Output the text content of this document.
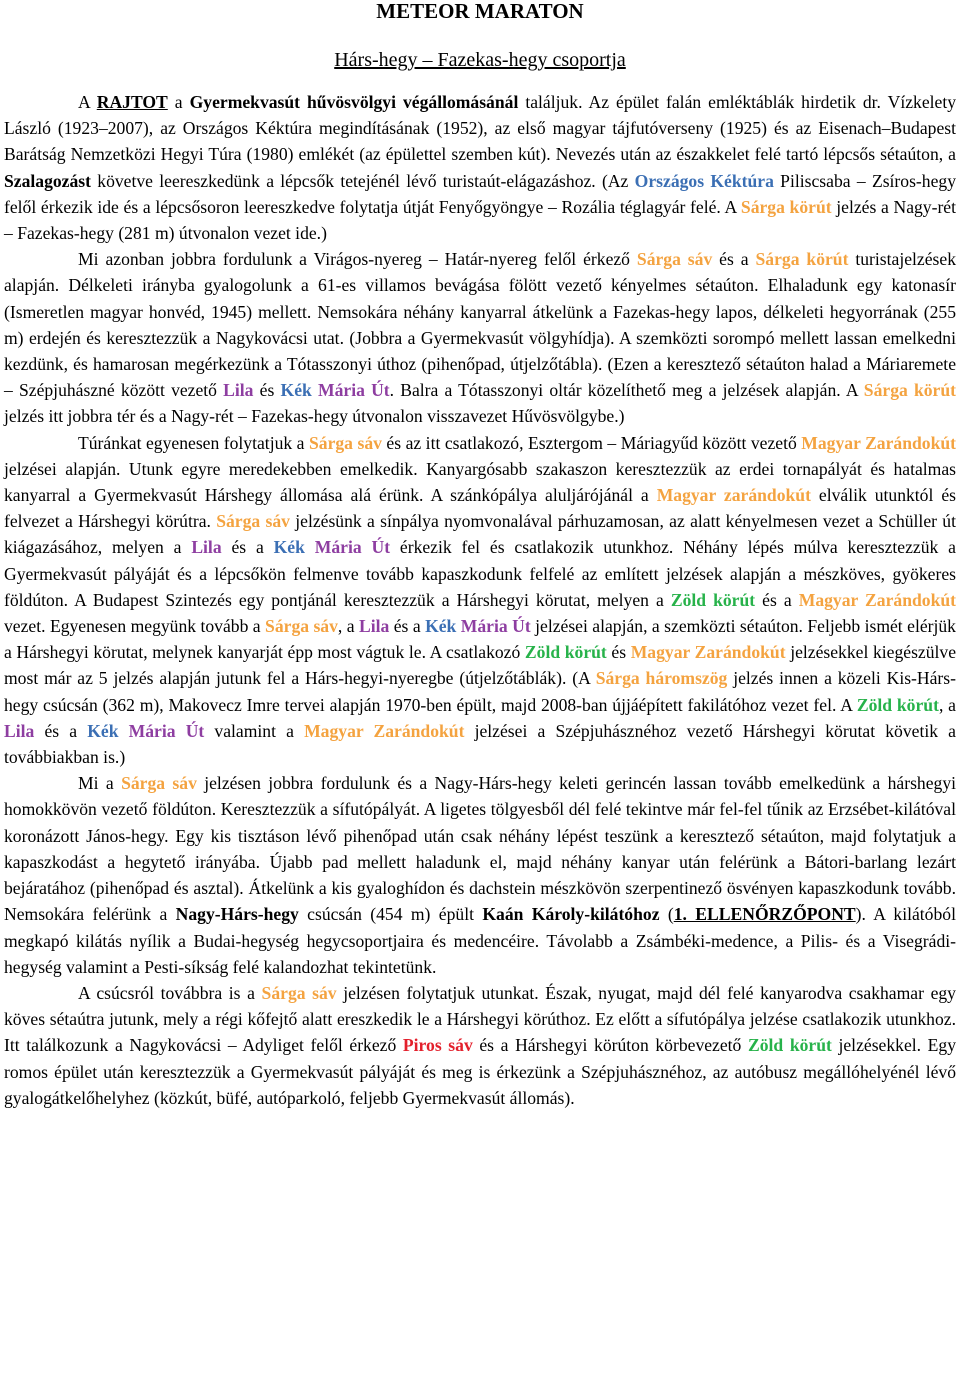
METEOR MARATON
Hárs-hegy – Fazekas-hegy csoportja

A RAJTOT a Gyermekvasút hűvösvölgyi végállomásánál találjuk. Az épület falán emléktáblák hirdetik dr. Vízkelety László (1923–2007), az Országos Kéktúra megindításának (1952), az első magyar tájfutóverseny (1925) és az Eisenach–Budapest Barátság Nemzetközi Hegyi Túra (1980) emlékét (az épülettel szemben kút). Nevezés után az északkelet felé tartó lépcsős sétaúton, a Szalagozást követve leereszkedünk a lépcsők tetejénél lévő turistaút-elágazáshoz. (Az Országos Kéktúra Piliscsaba – Zsíros-hegy felől érkezik ide és a lépcsősoron leereszkedve folytatja útját Fenyőgyöngye – Rozália téglagyár felé. A Sárga körút jelzés a Nagy-rét – Fazekas-hegy (281 m) útvonalon vezet ide.)

Mi azonban jobbra fordulunk a Virágos-nyereg – Határ-nyereg felől érkező Sárga sáv és a Sárga körút turistajelzések alapján. Délkeleti irányba gyalogolunk a 61-es villamos bevágása fölött vezető kényelmes sétaúton. Elhaladunk egy katonasír (Ismeretlen magyar honvéd, 1945) mellett. Nemsokára néhány kanyarral átkelünk a Fazekas-hegy lapos, délkeleti hegyorrának (255 m) erdején és keresztezzük a Nagykovácsi utat. (Jobbra a Gyermekvasút völgyhídja). A szemközti sorompó mellett lassan emelkedni kezdünk, és hamarosan megérkezünk a Tótasszonyi úthoz (pihenőpad, útjelzőtábla). (Ezen a keresztező sétaúton halad a Máriaremete – Szépjuhászné között vezető Lila és Kék Mária Út. Balra a Tótasszonyi oltár közelíthető meg a jelzések alapján. A Sárga körút jelzés itt jobbra tér és a Nagy-rét – Fazekas-hegy útvonalon visszavezet Hűvösvölgybe.)

Túránkat egyenesen folytatjuk a Sárga sáv és az itt csatlakozó, Esztergom – Máriagyűd között vezető Magyar Zarándokút jelzései alapján. Utunk egyre meredekebben emelkedik. Kanyargósabb szakaszon keresztezzük az erdei tornapályát és hatalmas kanyarral a Gyermekvasút Hárshegy állomása alá érünk. A szánkópálya aluljárójánál a Magyar zarándokút elválik utunktól és felvezet a Hárshegyi körútra. Sárga sáv jelzésünk a sínpálya nyomvonalával párhuzamosan, az alatt kényelmesen vezet a Schüller út kiágazásához, melyen a Lila és a Kék Mária Út érkezik fel és csatlakozik utunkhoz. Néhány lépés múlva keresztezzük a Gyermekvasút pályáját és a lépcsőkön felmenve tovább kapaszkodunk felfelé az említett jelzések alapján a mészköves, gyökeres földúton. A Budapest Szintezés egy pontjánál keresztezzük a Hárshegyi körutat, melyen a Zöld körút és a Magyar Zarándokút vezet. Egyenesen megyünk tovább a Sárga sáv, a Lila és a Kék Mária Út jelzései alapján, a szemközti sétaúton. Feljebb ismét elérjük a Hárshegyi körutat, melynek kanyarját épp most vágtuk le. A csatlakozó Zöld körút és Magyar Zarándokút jelzésekkel kiegészülve most már az 5 jelzés alapján jutunk fel a Hárs-hegyi-nyeregbe (útjelzőtáblák). (A Sárga háromszög jelzés innen a közeli Kis-Hárs-hegy csúcsán (362 m), Makovecz Imre tervei alapján 1970-ben épült, majd 2008-ban újjáépített fakilátóhoz vezet fel. A Zöld körút, a Lila és a Kék Mária Út valamint a Magyar Zarándokút jelzései a Szépjuhásznéhoz vezető Hárshegyi körutat követik a továbbiakban is.)

Mi a Sárga sáv jelzésen jobbra fordulunk és a Nagy-Hárs-hegy keleti gerincén lassan tovább emelkedünk a hárshegyi homokkövön vezető földúton. Keresztezzük a sífutópályát. A ligetes tölgyesből dél felé tekintve már fel-fel tűnik az Erzsébet-kilátóval koronázott János-hegy. Egy kis tisztáson lévő pihenőpad után csak néhány lépést teszünk a keresztező sétaúton, majd folytatjuk a kapaszkodást a hegytető irányába. Újabb pad mellett haladunk el, majd néhány kanyar után felérünk a Bátori-barlang lezárt bejáratához (pihenőpad és asztal). Átkelünk a kis gyaloghídon és dachstein mészkövön szerpentinező ösvényen kapaszkodunk tovább. Nemsokára felérünk a Nagy-Hárs-hegy csúcsán (454 m) épült Kaán Károly-kilátóhoz (1. ELLENŐRZŐPONT). A kilátóból megkapó kilátás nyílik a Budai-hegység hegycsoportjaira és medencéire. Távolabb a Zsámbéki-medence, a Pilis- és a Visegrádi-hegység valamint a Pesti-síkság felé kalandozhat tekintetünk.

A csúcsról továbbra is a Sárga sáv jelzésen folytatjuk utunkat. Észak, nyugat, majd dél felé kanyarodva csakhamar egy köves sétaútra jutunk, mely a régi kőfejtő alatt ereszkedik le a Hárshegyi körúthoz. Ez előtt a sífutópálya jelzése csatlakozik utunkhoz. Itt találkozunk a Nagykovácsi – Adyliget felől érkező Piros sáv és a Hárshegyi körúton körbevezető Zöld körút jelzésekkel. Egy romos épület után keresztezzük a Gyermekvasút pályáját és meg is érkezünk a Szépjuhásznéhoz, az autóbusz megállóhelyénél lévő gyalogátkelőhelyhez (közkút, büfé, autóparkoló, feljebb Gyermekvasút állomás).
